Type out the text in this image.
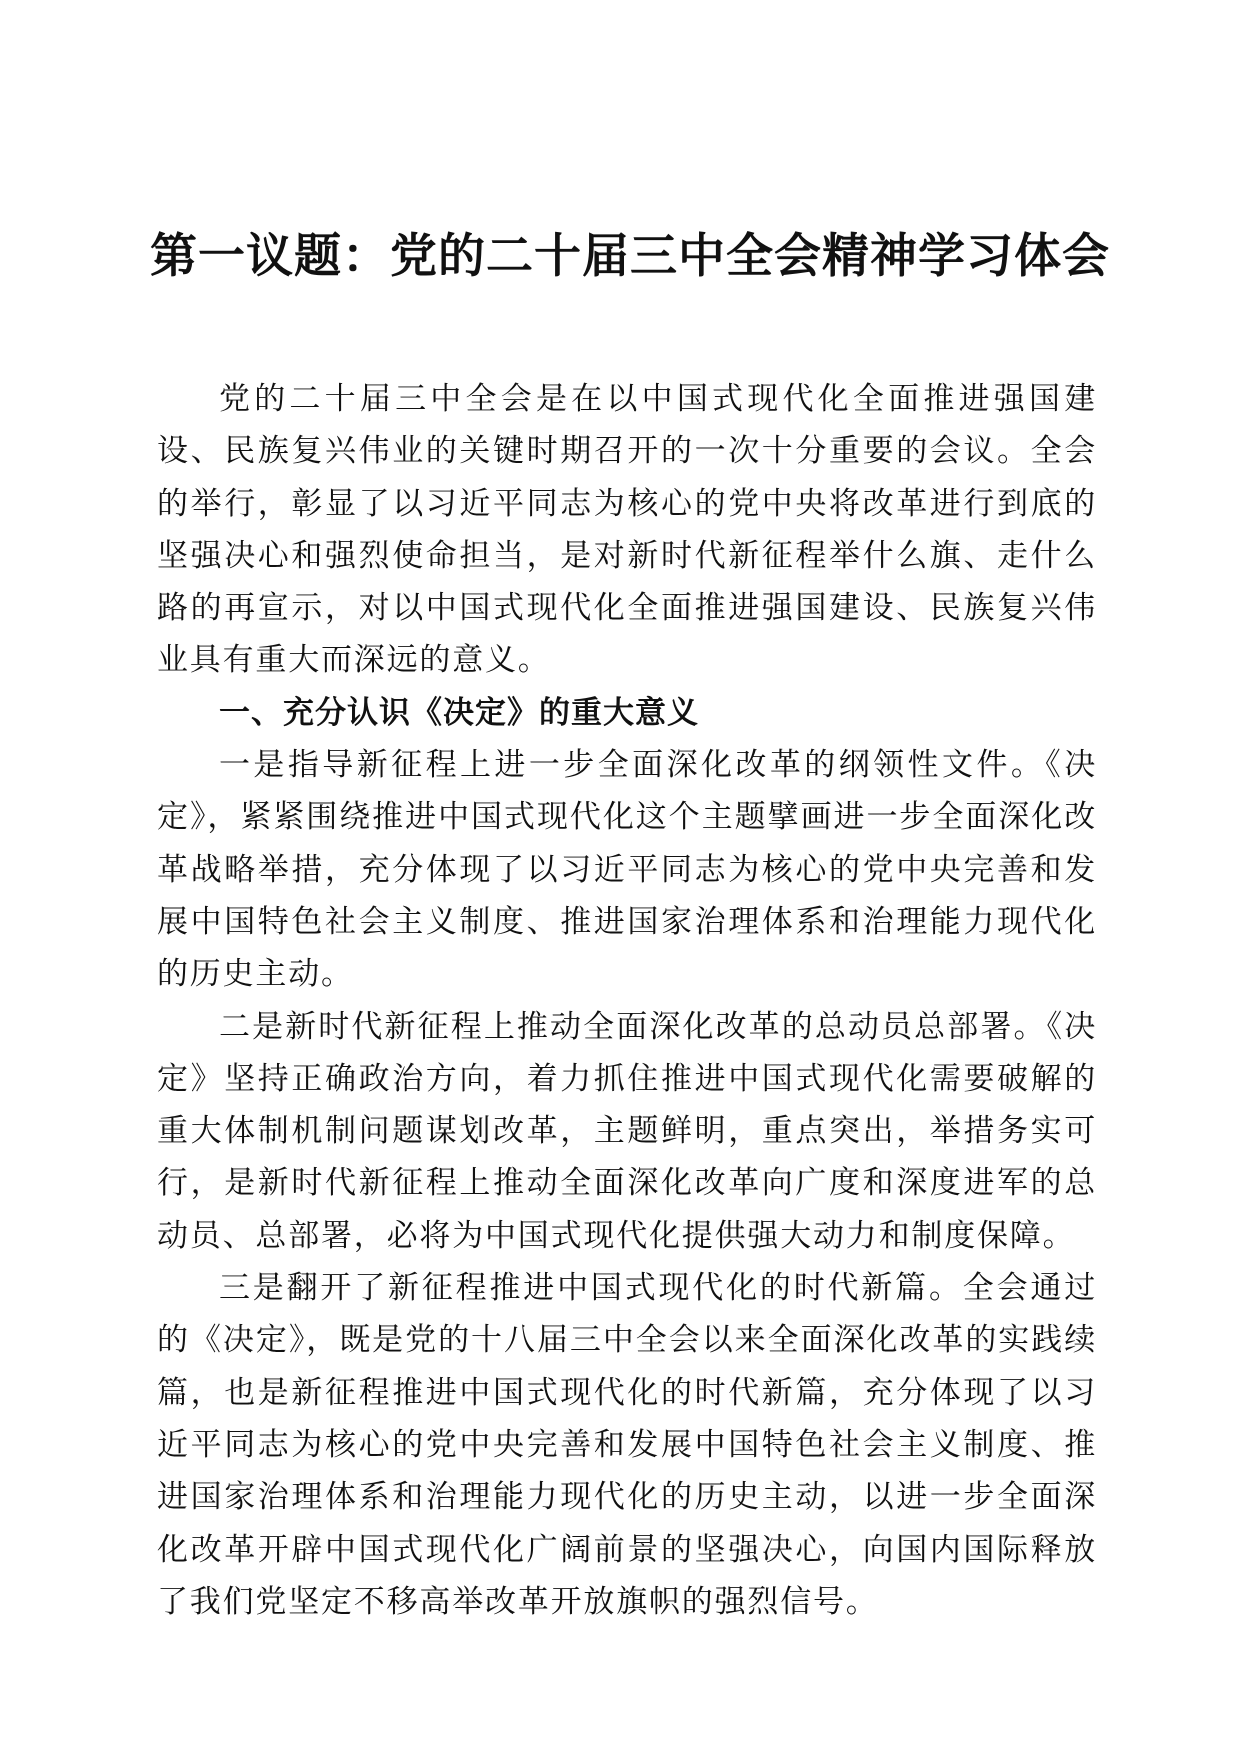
第一议题：党的二十届三中全会精神学习体会

党的二十届三中全会是在以中国式现代化全面推进强国建设、民族复兴伟业的关键时期召开的一次十分重要的会议。全会的举行，彰显了以习近平同志为核心的党中央将改革进行到底的坚强决心和强烈使命担当，是对新时代新征程举什么旗、走什么路的再宣示，对以中国式现代化全面推进强国建设、民族复兴伟业具有重大而深远的意义。

一、充分认识《决定》的重大意义

一是指导新征程上进一步全面深化改革的纲领性文件。《决定》，紧紧围绕推进中国式现代化这个主题擘画进一步全面深化改革战略举措，充分体现了以习近平同志为核心的党中央完善和发展中国特色社会主义制度、推进国家治理体系和治理能力现代化的历史主动。

二是新时代新征程上推动全面深化改革的总动员总部署。《决定》坚持正确政治方向，着力抓住推进中国式现代化需要破解的重大体制机制问题谋划改革，主题鲜明，重点突出，举措务实可行，是新时代新征程上推动全面深化改革向广度和深度进军的总动员、总部署，必将为中国式现代化提供强大动力和制度保障。

三是翻开了新征程推进中国式现代化的时代新篇。全会通过的《决定》，既是党的十八届三中全会以来全面深化改革的实践续篇，也是新征程推进中国式现代化的时代新篇，充分体现了以习近平同志为核心的党中央完善和发展中国特色社会主义制度、推进国家治理体系和治理能力现代化的历史主动，以进一步全面深化改革开辟中国式现代化广阔前景的坚强决心，向国内国际释放了我们党坚定不移高举改革开放旗帜的强烈信号。
